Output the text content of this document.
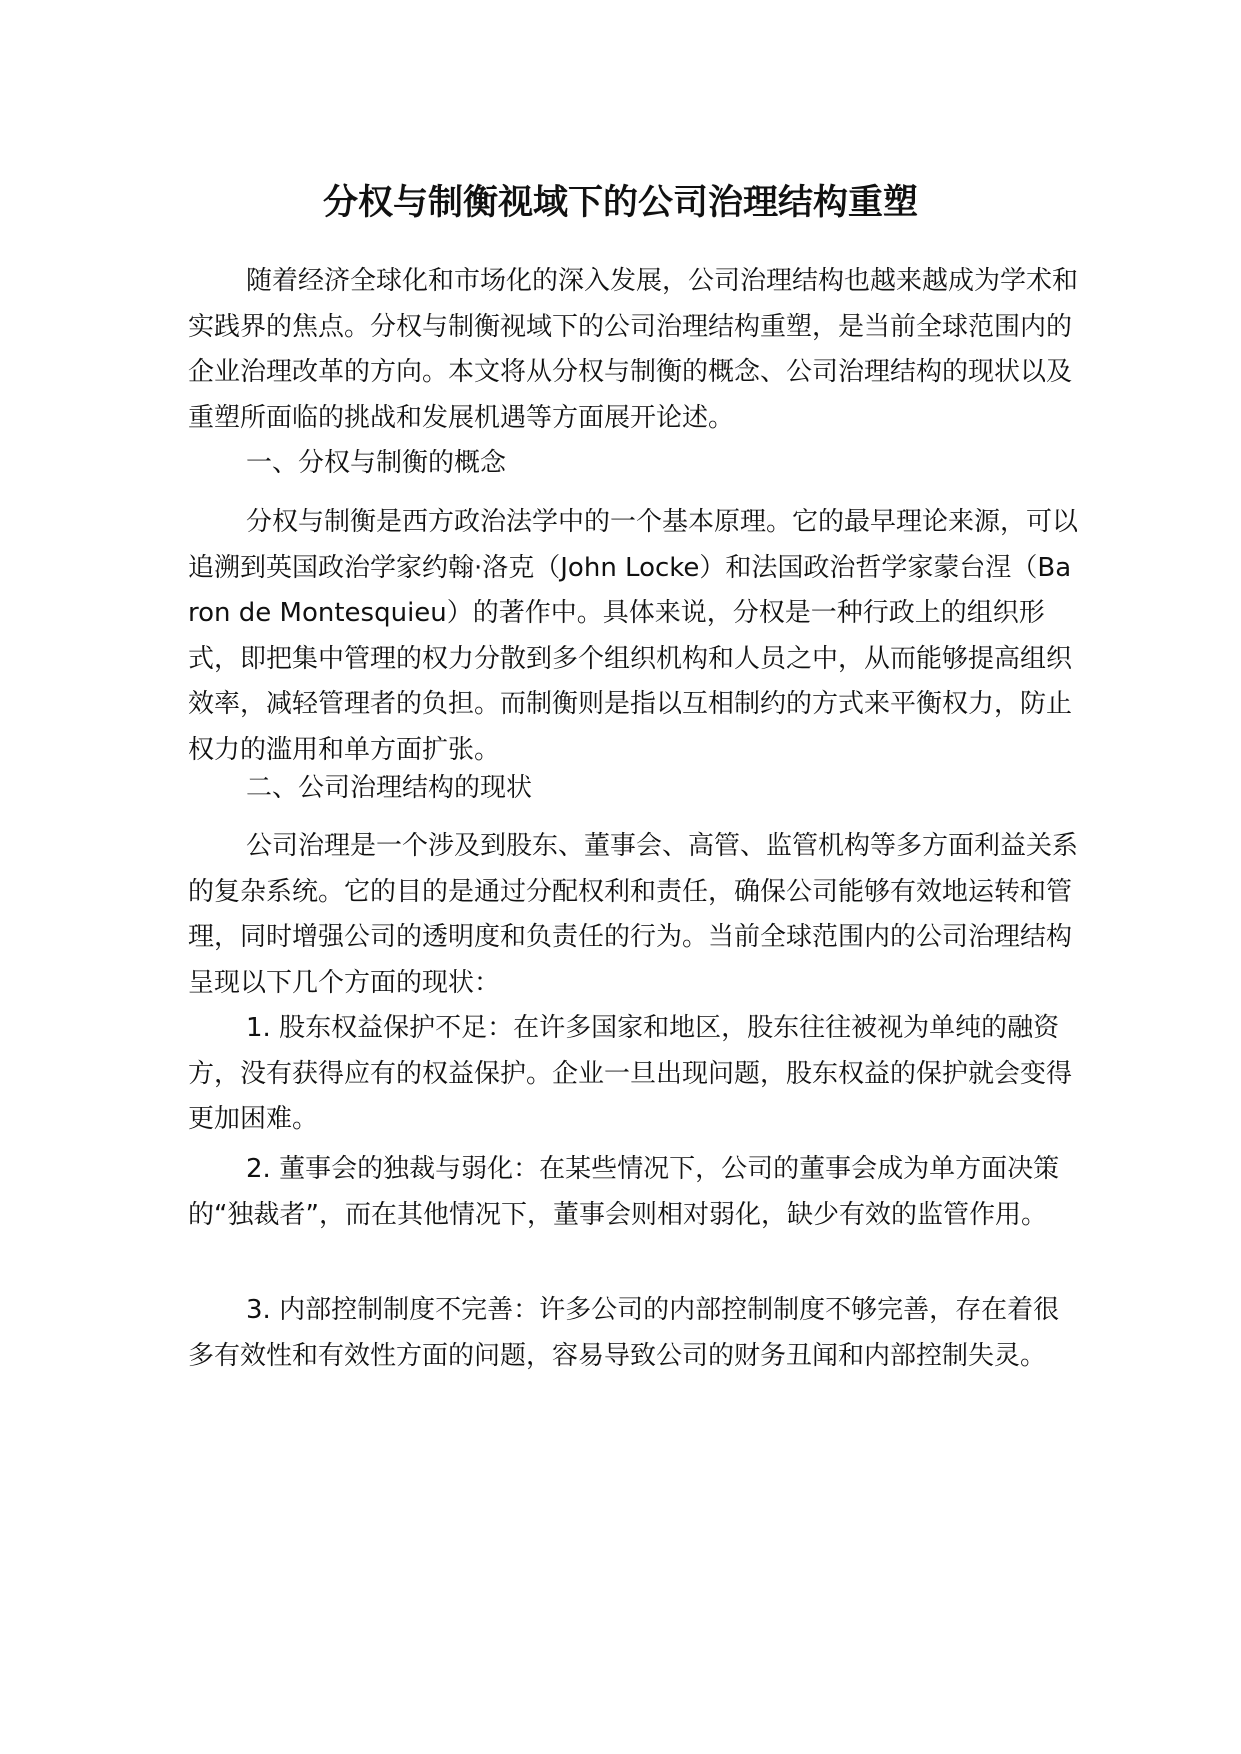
分权与制衡视域下的公司治理结构重塑

随着经济全球化和市场化的深入发展，公司治理结构也越来越成为学术和实践界的焦点。分权与制衡视域下的公司治理结构重塑，是当前全球范围内的企业治理改革的方向。本文将从分权与制衡的概念、公司治理结构的现状以及重塑所面临的挑战和发展机遇等方面展开论述。

一、分权与制衡的概念

分权与制衡是西方政治法学中的一个基本原理。它的最早理论来源，可以追溯到英国政治学家约翰·洛克（John Locke）和法国政治哲学家蒙台涅（Baron de Montesquieu）的著作中。具体来说，分权是一种行政上的组织形式，即把集中管理的权力分散到多个组织机构和人员之中，从而能够提高组织效率，减轻管理者的负担。而制衡则是指以互相制约的方式来平衡权力，防止权力的滥用和单方面扩张。

二、公司治理结构的现状

公司治理是一个涉及到股东、董事会、高管、监管机构等多方面利益关系的复杂系统。它的目的是通过分配权利和责任，确保公司能够有效地运转和管理，同时增强公司的透明度和负责任的行为。当前全球范围内的公司治理结构呈现以下几个方面的现状：

1. 股东权益保护不足：在许多国家和地区，股东往往被视为单纯的融资方，没有获得应有的权益保护。企业一旦出现问题，股东权益的保护就会变得更加困难。

2. 董事会的独裁与弱化：在某些情况下，公司的董事会成为单方面决策的“独裁者”，而在其他情况下，董事会则相对弱化，缺少有效的监管作用。

3. 内部控制制度不完善：许多公司的内部控制制度不够完善，存在着很多有效性和有效性方面的问题，容易导致公司的财务丑闻和内部控制失灵。
